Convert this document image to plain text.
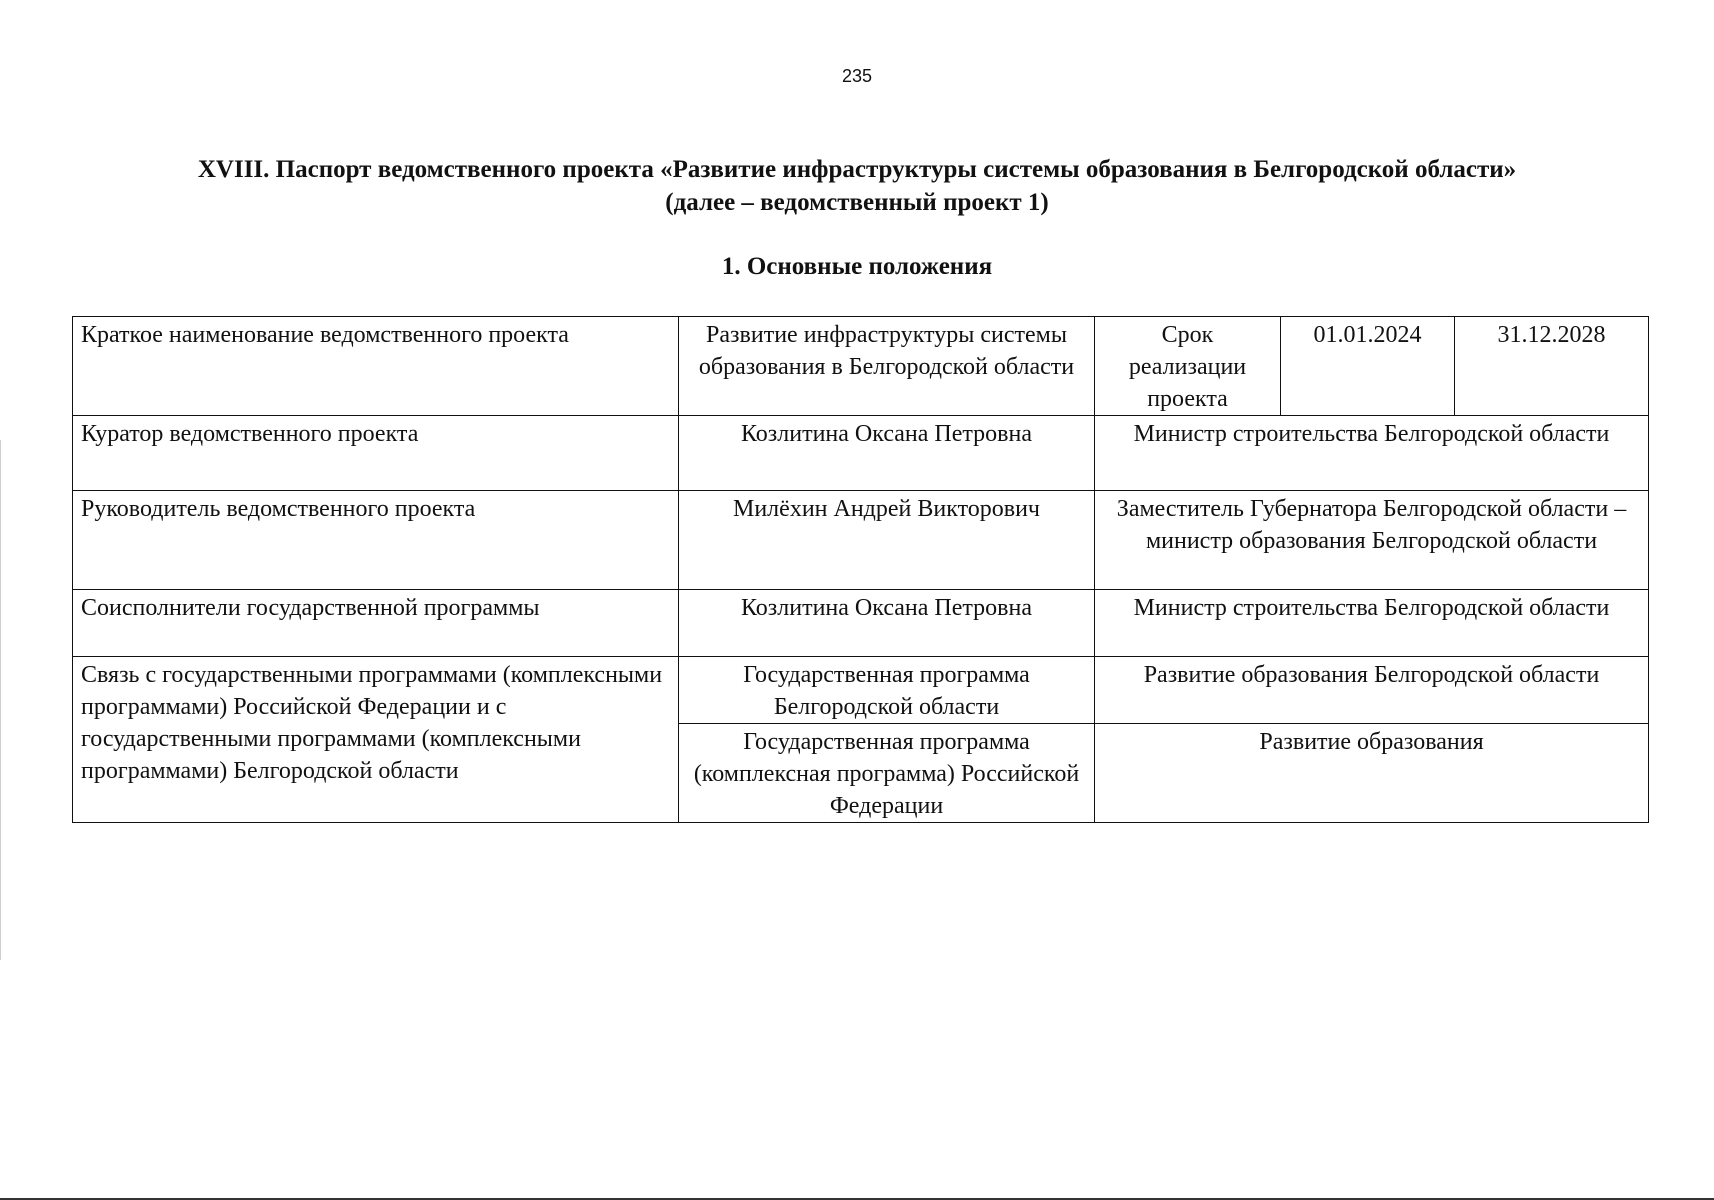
235
XVIII. Паспорт ведомственного проекта «Развитие инфраструктуры системы образования в Белгородской области»
(далее – ведомственный проект 1)
1. Основные положения
Краткое наименование ведомственного проекта	Развитие инфраструктуры системы образования в Белгородской области	Срок реализации проекта	01.01.2024	31.12.2028
Куратор ведомственного проекта	Козлитина Оксана Петровна	Министр строительства Белгородской области		
Руководитель ведомственного проекта	Милёхин Андрей Викторович	Заместитель Губернатора Белгородской области – министр образования Белгородской области		
Соисполнители государственной программы	Козлитина Оксана Петровна	Министр строительства Белгородской области		
Связь с государственными программами (комплексными программами) Российской Федерации и с государственными программами (комплексными программами) Белгородской области	Государственная программа Белгородской области	Развитие образования Белгородской области		
	Государственная программа (комплексная программа) Российской Федерации	Развитие образования		
